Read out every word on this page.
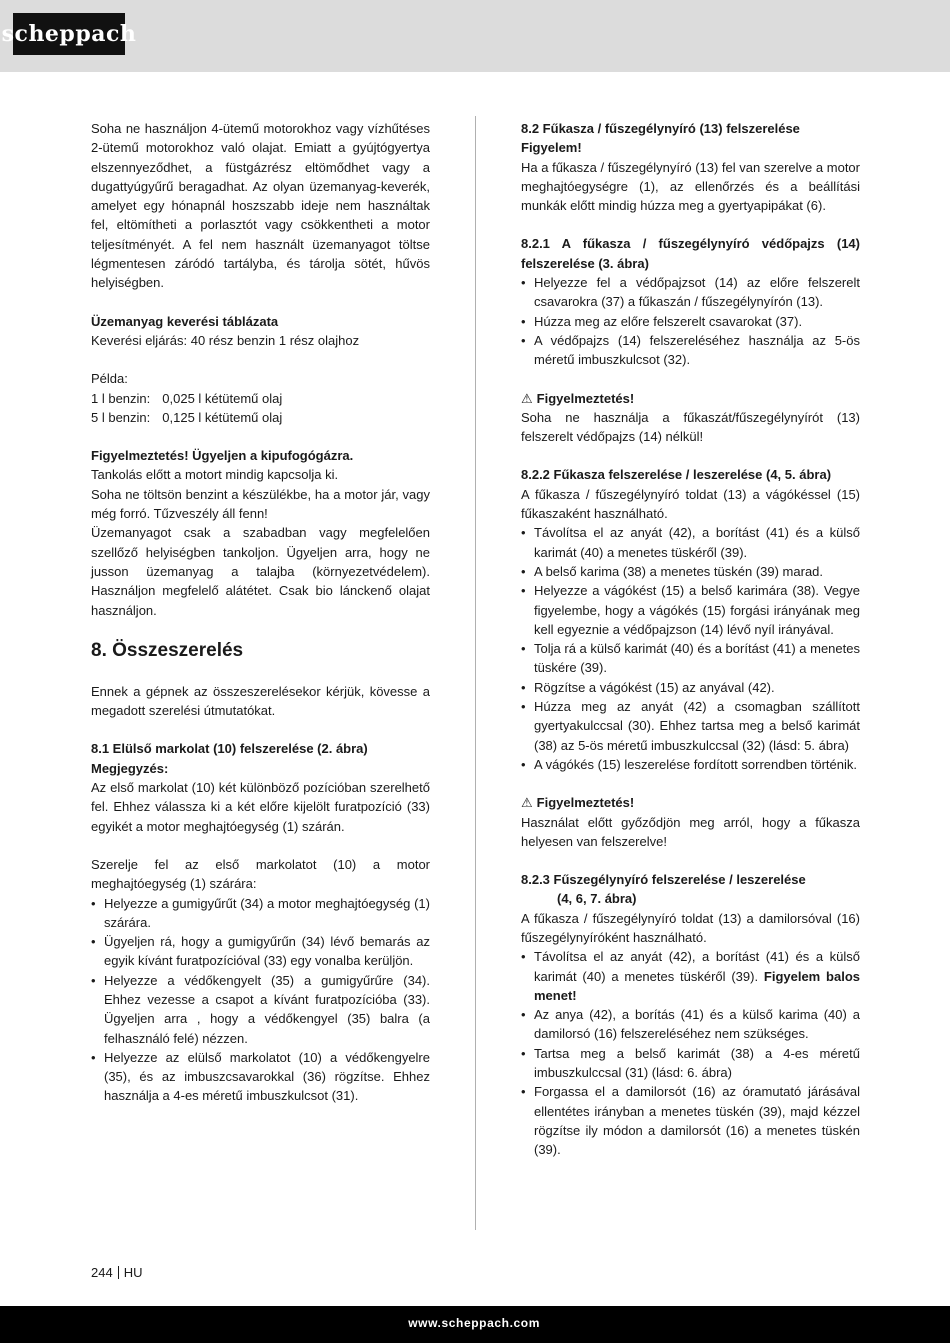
scheppach

Soha ne használjon 4-ütemű motorokhoz vagy vízhűtéses 2-ütemű motorokhoz való olajat. Emiatt a gyújtógyertya elszennyeződhet, a füstgázrész eltömődhet vagy a dugattyúgyűrű beragadhat. Az olyan üzemanyag-keverék, amelyet egy hónapnál hoszszabb ideje nem használtak fel, eltömítheti a porlasztót vagy csökkentheti a motor teljesítményét. A fel nem használt üzemanyagot töltse légmentesen záródó tartályba, és tárolja sötét, hűvös helyiségben.

Üzemanyag keverési táblázata

Keverési eljárás: 40 rész benzin 1 rész olajhoz

Példa:

1 l benzin:	0,025 l kétütemű olaj
5 l benzin:	0,125 l kétütemű olaj

Figyelmeztetés! Ügyeljen a kipufogógázra.

Tankolás előtt a motort mindig kapcsolja ki.

Soha ne töltsön benzint a készülékbe, ha a motor jár, vagy még forró. Tűzveszély áll fenn!

Üzemanyagot csak a szabadban vagy megfelelően szellőző helyiségben tankoljon. Ügyeljen arra, hogy ne jusson üzemanyag a talajba (környezetvédelem). Használjon megfelelő alátétet. Csak bio lánckenő olajat használjon.

8. Összeszerelés

Ennek a gépnek az összeszerelésekor kérjük, kövesse a megadott szerelési útmutatókat.

8.1 Elülső markolat (10) felszerelése (2. ábra)

Megjegyzés:

Az első markolat (10) két különböző pozícióban szerelhető fel. Ehhez válassza ki a két előre kijelölt furatpozíció (33) egyikét a motor meghajtóegység (1) szárán.

Szerelje fel az első markolatot (10) a motor meghajtóegység (1) szárára:

• Helyezze a gumigyűrűt (34) a motor meghajtóegység (1) szárára.
• Ügyeljen rá, hogy a gumigyűrűn (34) lévő bemarás az egyik kívánt furatpozícióval (33) egy vonalba kerüljön.
• Helyezze a védőkengyelt (35) a gumigyűrűre (34). Ehhez vezesse a csapot a kívánt furatpozícióba (33). Ügyeljen arra , hogy a védőkengyel (35) balra (a felhasználó felé) nézzen.
• Helyezze az elülső markolatot (10) a védőkengyelre (35), és az imbuszcsavarokkal (36) rögzítse. Ehhez használja a 4-es méretű imbuszkulcsot (31).

8.2 Fűkasza / fűszegélynyíró (13) felszerelése

Figyelem!

Ha a fűkasza / fűszegélynyíró (13) fel van szerelve a motor meghajtóegységre (1), az ellenőrzés és a beállítási munkák előtt mindig húzza meg a gyertyapipákat (6).

8.2.1 A fűkasza / fűszegélynyíró védőpajzs (14) felszerelése (3. ábra)

• Helyezze fel a védőpajzsot (14) az előre felszerelt csavarokra (37) a fűkaszán / fűszegélynyírón (13).
• Húzza meg az előre felszerelt csavarokat (37).
• A védőpajzs (14) felszereléséhez használja az 5-ös méretű imbuszkulcsot (32).

⚠ Figyelmeztetés!

Soha ne használja a fűkaszát/fűszegélynyírót (13) felszerelt védőpajzs (14) nélkül!

8.2.2 Fűkasza felszerelése / leszerelése (4, 5. ábra)

A fűkasza / fűszegélynyíró toldat (13) a vágókéssel (15) fűkaszaként használható.

• Távolítsa el az anyát (42), a borítást (41) és a külső karimát (40) a menetes tüskéről (39).
• A belső karima (38) a menetes tüskén (39) marad.
• Helyezze a vágókést (15) a belső karimára (38). Vegye figyelembe, hogy a vágókés (15) forgási irányának meg kell egyeznie a védőpajzson (14) lévő nyíl irányával.
• Tolja rá a külső karimát (40) és a borítást (41) a menetes tüskére (39).
• Rögzítse a vágókést (15) az anyával (42).
• Húzza meg az anyát (42) a csomagban szállított gyertyakulccsal (30). Ehhez tartsa meg a belső karimát (38) az 5-ös méretű imbuszkulccsal (32) (lásd: 5. ábra)
• A vágókés (15) leszerelése fordított sorrendben történik.

⚠ Figyelmeztetés!

Használat előtt győződjön meg arról, hogy a fűkasza helyesen van felszerelve!

8.2.3 Fűszegélynyíró felszerelése / leszerelése

(4, 6, 7. ábra)

A fűkasza / fűszegélynyíró toldat (13) a damilorsóval (16) fűszegélynyíróként használható.

• Távolítsa el az anyát (42), a borítást (41) és a külső karimát (40) a menetes tüskéről (39). Figyelem balos menet!
• Az anya (42), a borítás (41) és a külső karima (40) a damilorsó (16) felszereléséhez nem szükséges.
• Tartsa meg a belső karimát (38) a 4-es méretű imbuszkulccsal (31) (lásd: 6. ábra)
• Forgassa el a damilorsót (16) az óramutató járásával ellentétes irányban a menetes tüskén (39), majd kézzel rögzítse ily módon a damilorsót (16) a menetes tüskén (39).
244 HU
www.scheppach.com
